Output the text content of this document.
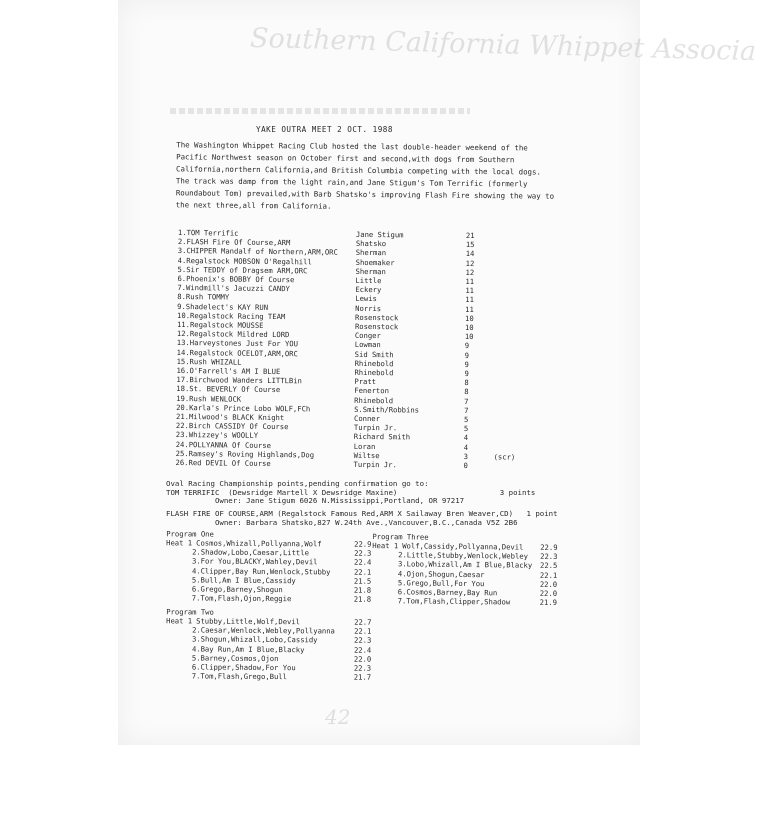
Southern California Whippet Associa
42
YAKE OUTRA MEET 2 OCT. 1988
The Washington Whippet Racing Club hosted the last double-header weekend of the Pacific Northwest season on October first and second,with dogs from Southern California,northern California,and British Columbia competing with the local dogs. The track was damp from the light rain,and Jane Stigum's Tom Terrific (formerly Roundabout Tom) prevailed,with Barb Shatsko's improving Flash Fire showing the way to the next three,all from California.
1.TOM Terrific	Jane Stigum	21	
2.FLASH Fire Of Course,ARM	Shatsko	15	
3.CHIPPER Mandalf of Northern,ARM,ORC	Sherman	14	
4.Regalstock MOBSON O'Regalhill	Shoemaker	12	
5.Sir TEDDY of Dragsem ARM,ORC	Sherman	12	
6.Phoenix's BOBBY Of Course	Little	11	
7.Windmill's Jacuzzi CANDY	Eckery	11	
8.Rush TOMMY	Lewis	11	
9.Shadelect's KAY RUN	Norris	11	
10.Regalstock Racing TEAM	Rosenstock	10	
11.Regalstock MOUSSE	Rosenstock	10	
12.Regalstock Mildred LORD	Conger	10	
13.Harveystones Just For YOU	Lowman	9	
14.Regalstock OCELOT,ARM,ORC	Sid Smith	9	
15.Rush WHIZALL	Rhinebold	9	
16.O'Farrell's AM I BLUE	Rhinebold	9	
17.Birchwood Wanders LITTLBin	Pratt	8	
18.St. BEVERLY Of Course	Fenerton	8	
19.Rush WENLOCK	Rhinebold	7	
20.Karla's Prince Lobo WOLF,FCh	S.Smith/Robbins	7	
21.Milwood's BLACK Knight	Conner	5	
22.Birch CASSIDY Of Course	Turpin Jr.	5	
23.Whizzey's WOOLLY	Richard Smith	4	
24.POLLYANNA Of Course	Loran	4	
25.Ramsey's Roving Highlands,Dog	Wiltse	3	(scr)
26.Red DEVIL Of Course	Turpin Jr.	0	
Oval Racing Championship points,pending confirmation go to:
TOM TERRIFIC  (Dewsridge Martell X Dewsridge Maxine)	3 points
Owner: Jane Stigum 6026 N.Mississippi,Portland, OR 97217
FLASH FIRE OF COURSE,ARM (Regalstock Famous Red,ARM X Sailaway Bren Weaver,CD) 1 point
Owner: Barbara Shatsko,827 W.24th Ave.,Vancouver,B.C.,Canada V5Z 2B6
Program One
Heat 1	Cosmos,Whizall,Pollyanna,Wolf	22.9
	2.Shadow,Lobo,Caesar,Little	22.3
	3.For You,BLACKY,Wahley,Devil	22.4
	4.Clipper,Bay Run,Wenlock,Stubby	22.1
	5.Bull,Am I Blue,Cassidy	21.5
	6.Grego,Barney,Shogun	21.8
	7.Tom,Flash,Ojon,Reggie	21.8
Program Two
Heat 1	Stubby,Little,Wolf,Devil	22.7
	2.Caesar,Wenlock,Webley,Pollyanna	22.1
	3.Shogun,Whizall,Lobo,Cassidy	22.3
	4.Bay Run,Am I Blue,Blacky	22.4
	5.Barney,Cosmos,Ojon	22.0
	6.Clipper,Shadow,For You	22.3
	7.Tom,Flash,Grego,Bull	21.7
Program Three
Heat 1	Wolf,Cassidy,Pollyanna,Devil	22.9
	2.Little,Stubby,Wenlock,Webley	22.3
	3.Lobo,Whizall,Am I Blue,Blacky	22.5
	4.Ojon,Shogun,Caesar	22.1
	5.Grego,Bull,For You	22.0
	6.Cosmos,Barney,Bay Run	22.0
	7.Tom,Flash,Clipper,Shadow	21.9
